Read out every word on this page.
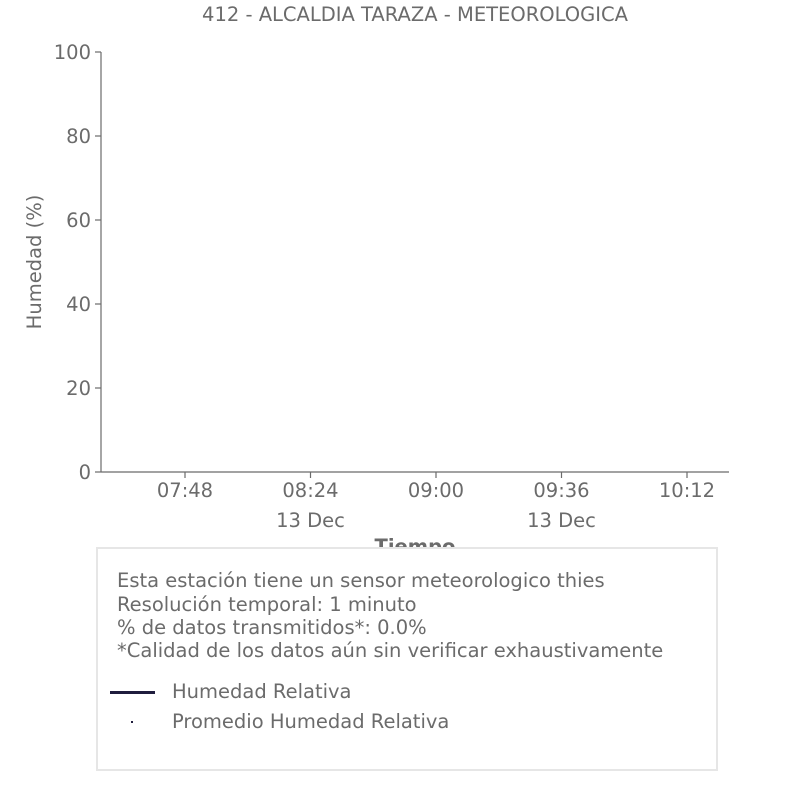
412 - ALCALDIA TARAZA - METEOROLOGICA
Humedad (%)
0
20
40
60
80
100
07:48	08:24
13 Dec
09:00	09:36
13 Dec
10:12
Esta estación tiene un sensor meteorologico thies
Resolución temporal: 1 minuto
% de datos transmitidos*: 0.0%
*Calidad de los datos aún sin verificar exhaustivamente
Humedad Relativa
Promedio Humedad Relativa
